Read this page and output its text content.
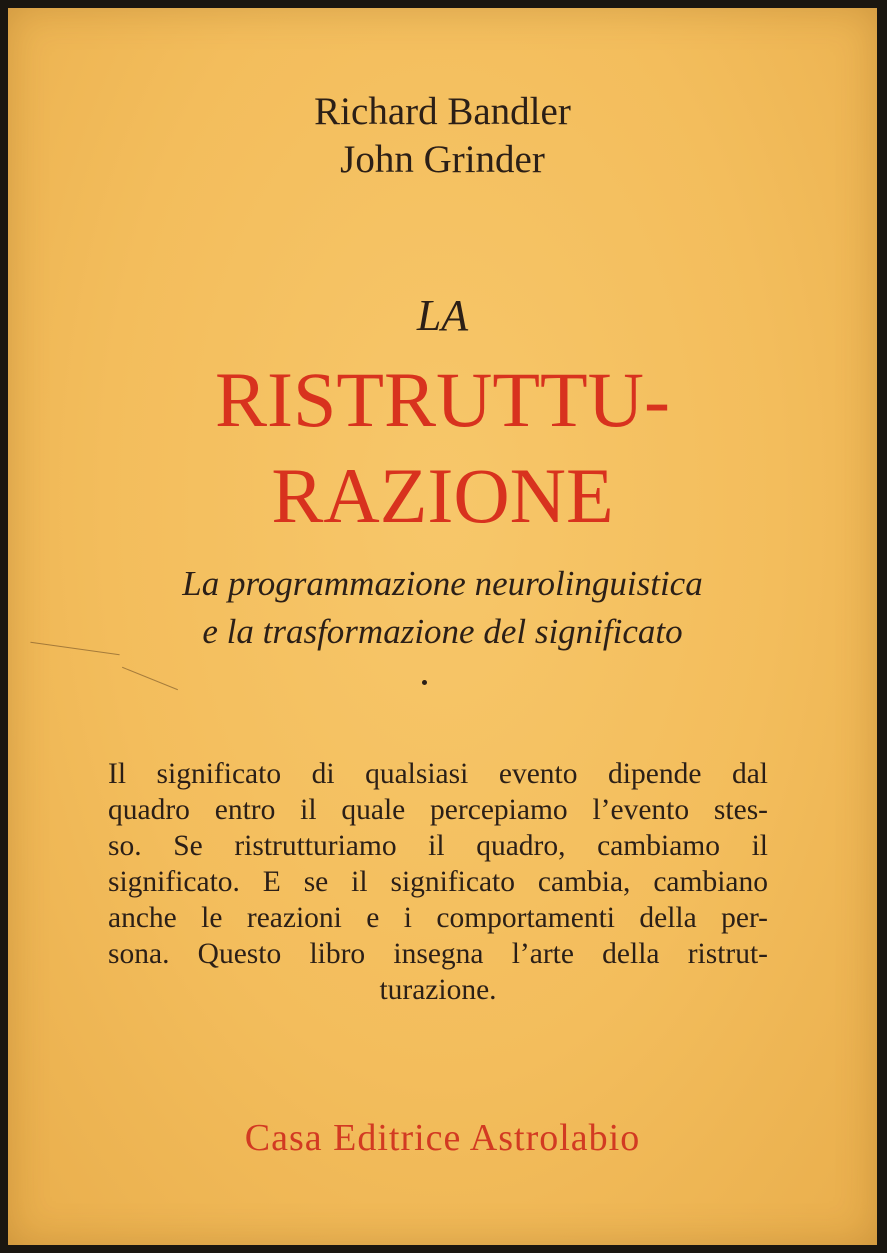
Richard Bandler
John Grinder
LA
RISTRUTTU-
RAZIONE
La programmazione neurolinguistica
e la trasformazione del significato
Il significato di qualsiasi evento dipende dal
quadro entro il quale percepiamo l’evento stes-
so. Se ristrutturiamo il quadro, cambiamo il
significato. E se il significato cambia, cambiano
anche le reazioni e i comportamenti della per-
sona. Questo libro insegna l’arte della ristrut-
turazione.
Casa Editrice Astrolabio
